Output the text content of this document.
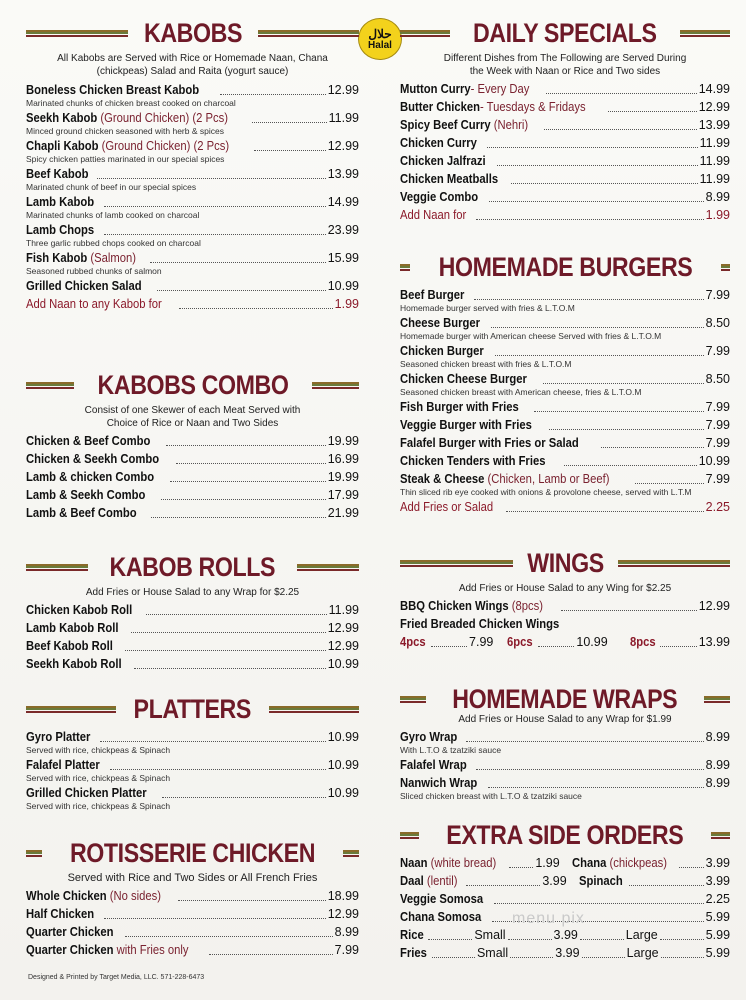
حلال
Halal
KABOBS
All Kabobs are Served with Rice or Homemade Naan, Chana (chickpeas) Salad and Raita (yogurt sauce)
Boneless Chicken Breast Kabob	12.99
Marinated chunks of chicken breast cooked on charcoal
Seekh Kabob (Ground Chicken) (2 Pcs)	11.99
Minced ground chicken seasoned with herb & spices
Chapli Kabob (Ground Chicken) (2 Pcs)	12.99
Spicy chicken patties marinated in our special spices
Beef Kabob	13.99
Marinated chunk of beef in our special spices
Lamb Kabob	14.99
Marinated chunks of lamb cooked on charcoal
Lamb Chops	23.99
Three garlic rubbed chops cooked on charcoal
Fish Kabob (Salmon)	15.99
Seasoned rubbed chunks of salmon
Grilled Chicken Salad	10.99
Add Naan to any Kabob for	1.99
KABOBS COMBO
Consist of one Skewer of each Meat Served with Choice of Rice or Naan and Two Sides
Chicken & Beef Combo	19.99
Chicken & Seekh Combo	16.99
Lamb & chicken Combo	19.99
Lamb & Seekh Combo	17.99
Lamb & Beef Combo	21.99
KABOB ROLLS
Add Fries or House Salad to any Wrap for $2.25
Chicken Kabob Roll	11.99
Lamb Kabob Roll	12.99
Beef Kabob Roll	12.99
Seekh Kabob Roll	10.99
PLATTERS
Gyro Platter	10.99
Served with rice, chickpeas & Spinach
Falafel Platter	10.99
Served with rice, chickpeas & Spinach
Grilled Chicken Platter	10.99
Served with rice, chickpeas & Spinach
ROTISSERIE CHICKEN
Served with Rice and Two Sides or All French Fries
Whole Chicken (No sides)	18.99
Half Chicken	12.99
Quarter Chicken	8.99
Quarter Chicken with Fries only	7.99
DAILY SPECIALS
Different Dishes from The Following are Served During the Week with Naan or Rice and Two sides
Mutton Curry- Every Day	14.99
Butter Chicken- Tuesdays & Fridays	12.99
Spicy Beef Curry (Nehri)	13.99
Chicken Curry	11.99
Chicken Jalfrazi	11.99
Chicken Meatballs	11.99
Veggie Combo	8.99
Add Naan for	1.99
HOMEMADE BURGERS
Beef Burger	7.99
Homemade burger served with fries & L.T.O.M
Cheese Burger	8.50
Homemade burger with American cheese Served with fries & L.T.O.M
Chicken Burger	7.99
Seasoned chicken breast with fries & L.T.O.M
Chicken Cheese Burger	8.50
Seasoned chicken breast with American cheese, fries & L.T.O.M
Fish Burger with Fries	7.99
Veggie Burger with Fries	7.99
Falafel Burger with Fries or Salad	7.99
Chicken Tenders with Fries	10.99
Steak & Cheese (Chicken, Lamb or Beef)	7.99
Thin sliced rib eye cooked with onions & provolone cheese, served with L.T.M
Add Fries or Salad	2.25
WINGS
Add Fries or House Salad to any Wing for $2.25
BBQ Chicken Wings (8pcs)	12.99
Fried Breaded Chicken Wings
4pcs	7.99 6pcs	10.99 8pcs	13.99
HOMEMADE WRAPS
Add Fries or House Salad to any Wrap for $1.99
Gyro Wrap	8.99
With L.T.O & tzatziki sauce
Falafel Wrap	8.99
Nanwich Wrap	8.99
Sliced chicken breast with L.T.O & tzatziki sauce
EXTRA SIDE ORDERS
Naan (white bread)	1.99 Chana (chickpeas)	3.99
Daal (lentil)	3.99 Spinach	3.99
Veggie Somosa	2.25
Chana Somosa	5.99
Rice	Small	3.99	Large	5.99
Fries	Small	3.99	Large	5.99
menu pix
Designed & Printed by Target Media, LLC. 571-228-6473
